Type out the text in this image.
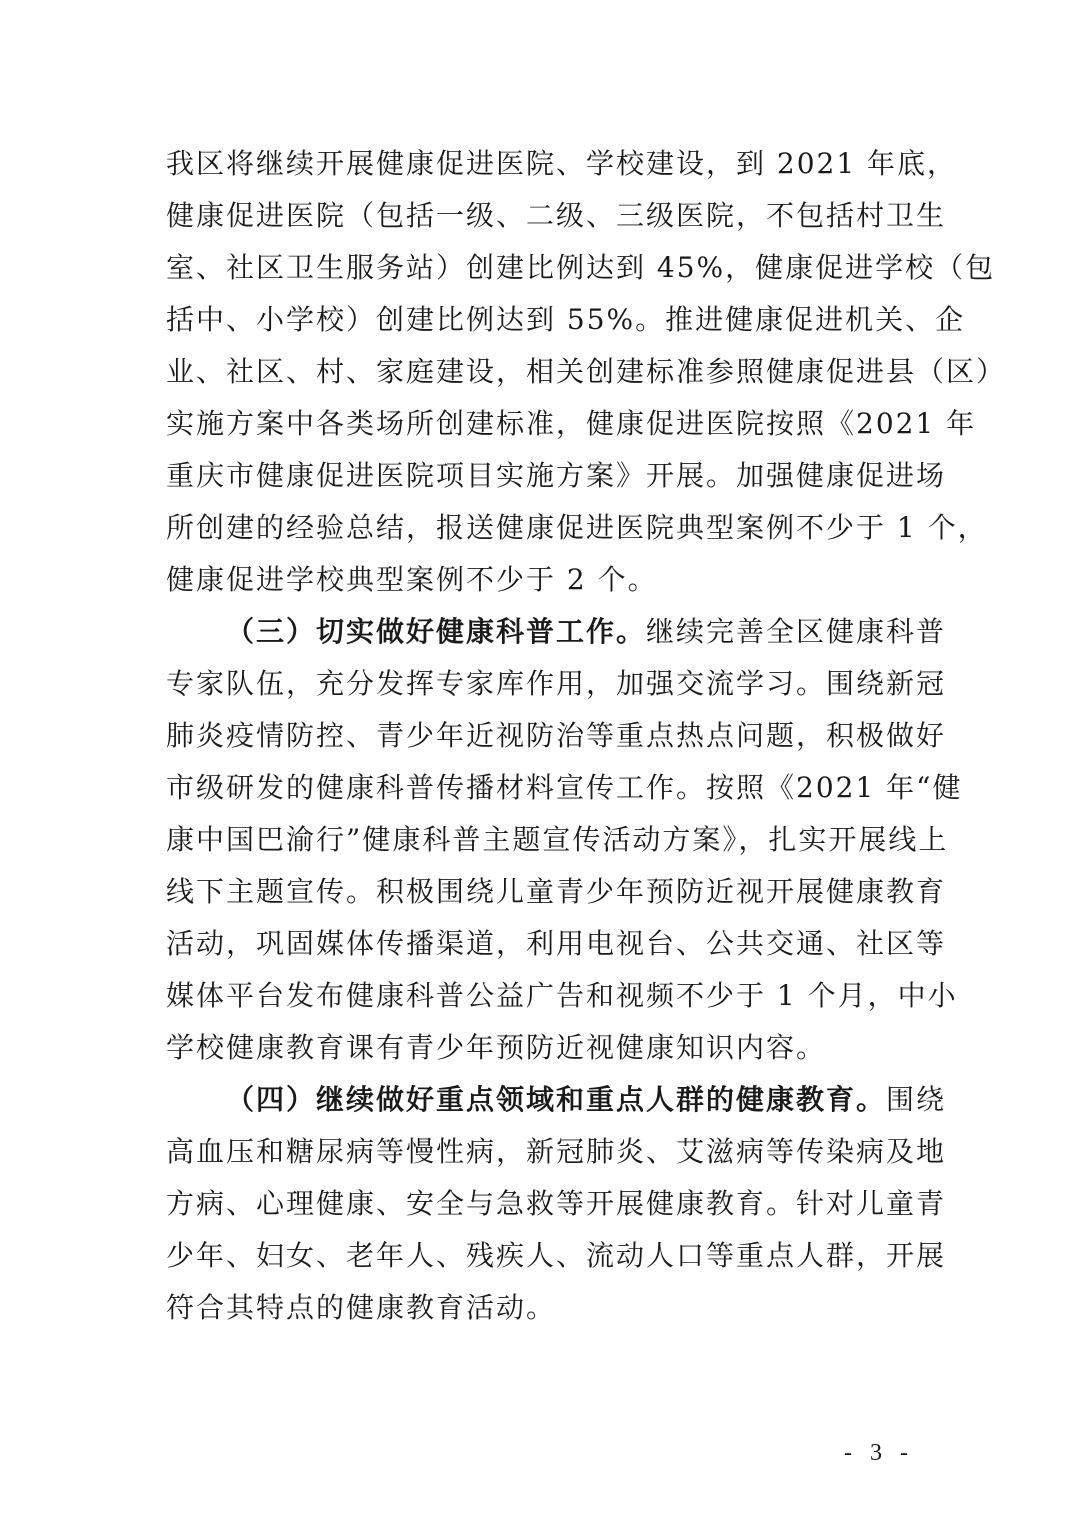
我区将继续开展健康促进医院、学校建设，到 2021 年底，
健康促进医院（包括一级、二级、三级医院，不包括村卫生
室、社区卫生服务站）创建比例达到 45%，健康促进学校（包
括中、小学校）创建比例达到 55%。推进健康促进机关、企
业、社区、村、家庭建设，相关创建标准参照健康促进县（区）
实施方案中各类场所创建标准，健康促进医院按照《2021 年
重庆市健康促进医院项目实施方案》开展。加强健康促进场
所创建的经验总结，报送健康促进医院典型案例不少于 1 个，
健康促进学校典型案例不少于 2 个。
（三）切实做好健康科普工作。继续完善全区健康科普
专家队伍，充分发挥专家库作用，加强交流学习。围绕新冠
肺炎疫情防控、青少年近视防治等重点热点问题，积极做好
市级研发的健康科普传播材料宣传工作。按照《2021 年“健
康中国巴渝行”健康科普主题宣传活动方案》，扎实开展线上
线下主题宣传。积极围绕儿童青少年预防近视开展健康教育
活动，巩固媒体传播渠道，利用电视台、公共交通、社区等
媒体平台发布健康科普公益广告和视频不少于 1 个月，中小
学校健康教育课有青少年预防近视健康知识内容。
（四）继续做好重点领域和重点人群的健康教育。围绕
高血压和糖尿病等慢性病，新冠肺炎、艾滋病等传染病及地
方病、心理健康、安全与急救等开展健康教育。针对儿童青
少年、妇女、老年人、残疾人、流动人口等重点人群，开展
符合其特点的健康教育活动。
- 3 -
